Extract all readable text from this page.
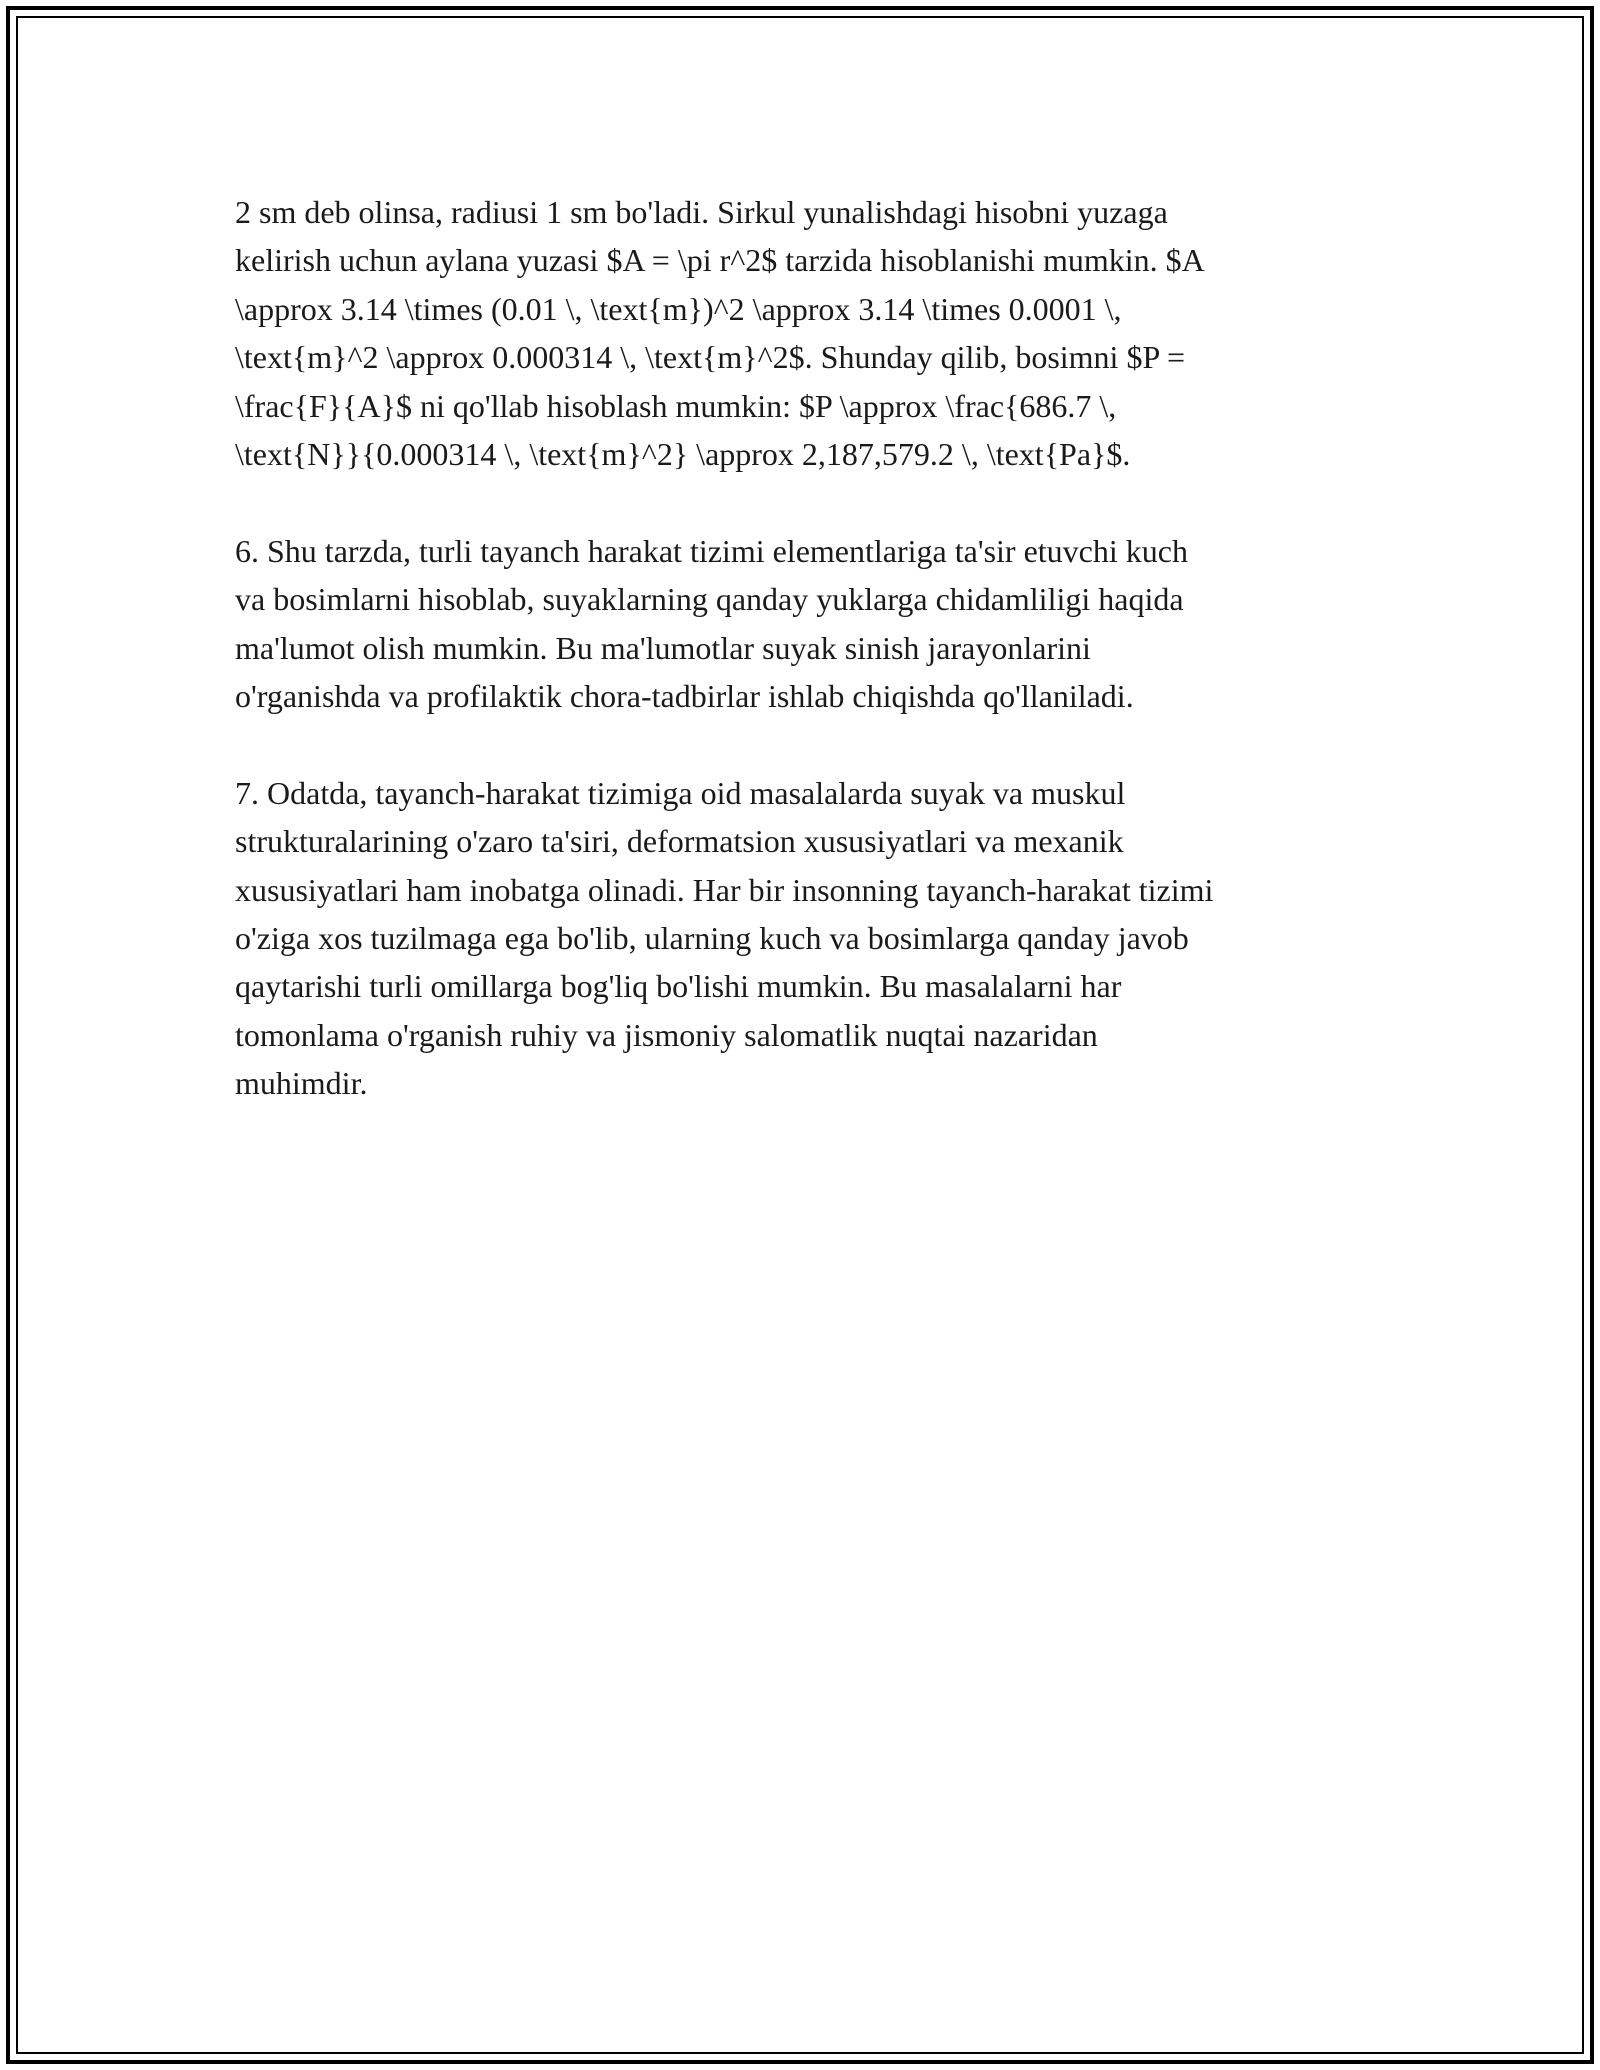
2 sm deb olinsa, radiusi 1 sm bo'ladi. Sirkul yunalishdagi hisobni yuzaga
kelirish uchun aylana yuzasi $A = \pi r^2$ tarzida hisoblanishi mumkin. $A
\approx 3.14 \times (0.01 \, \text{m})^2 \approx 3.14 \times 0.0001 \,
\text{m}^2 \approx 0.000314 \, \text{m}^2$. Shunday qilib, bosimni $P =
\frac{F}{A}$ ni qo'llab hisoblash mumkin: $P \approx \frac{686.7 \,
\text{N}}{0.000314 \, \text{m}^2} \approx 2,187,579.2 \, \text{Pa}$.

6. Shu tarzda, turli tayanch harakat tizimi elementlariga ta'sir etuvchi kuch
va bosimlarni hisoblab, suyaklarning qanday yuklarga chidamliligi haqida
ma'lumot olish mumkin. Bu ma'lumotlar suyak sinish jarayonlarini
o'rganishda va profilaktik chora-tadbirlar ishlab chiqishda qo'llaniladi.

7. Odatda, tayanch-harakat tizimiga oid masalalarda suyak va muskul
strukturalarining o'zaro ta'siri, deformatsion xususiyatlari va mexanik
xususiyatlari ham inobatga olinadi. Har bir insonning tayanch-harakat tizimi
o'ziga xos tuzilmaga ega bo'lib, ularning kuch va bosimlarga qanday javob
qaytarishi turli omillarga bog'liq bo'lishi mumkin. Bu masalalarni har
tomonlama o'rganish ruhiy va jismoniy salomatlik nuqtai nazaridan
muhimdir.
